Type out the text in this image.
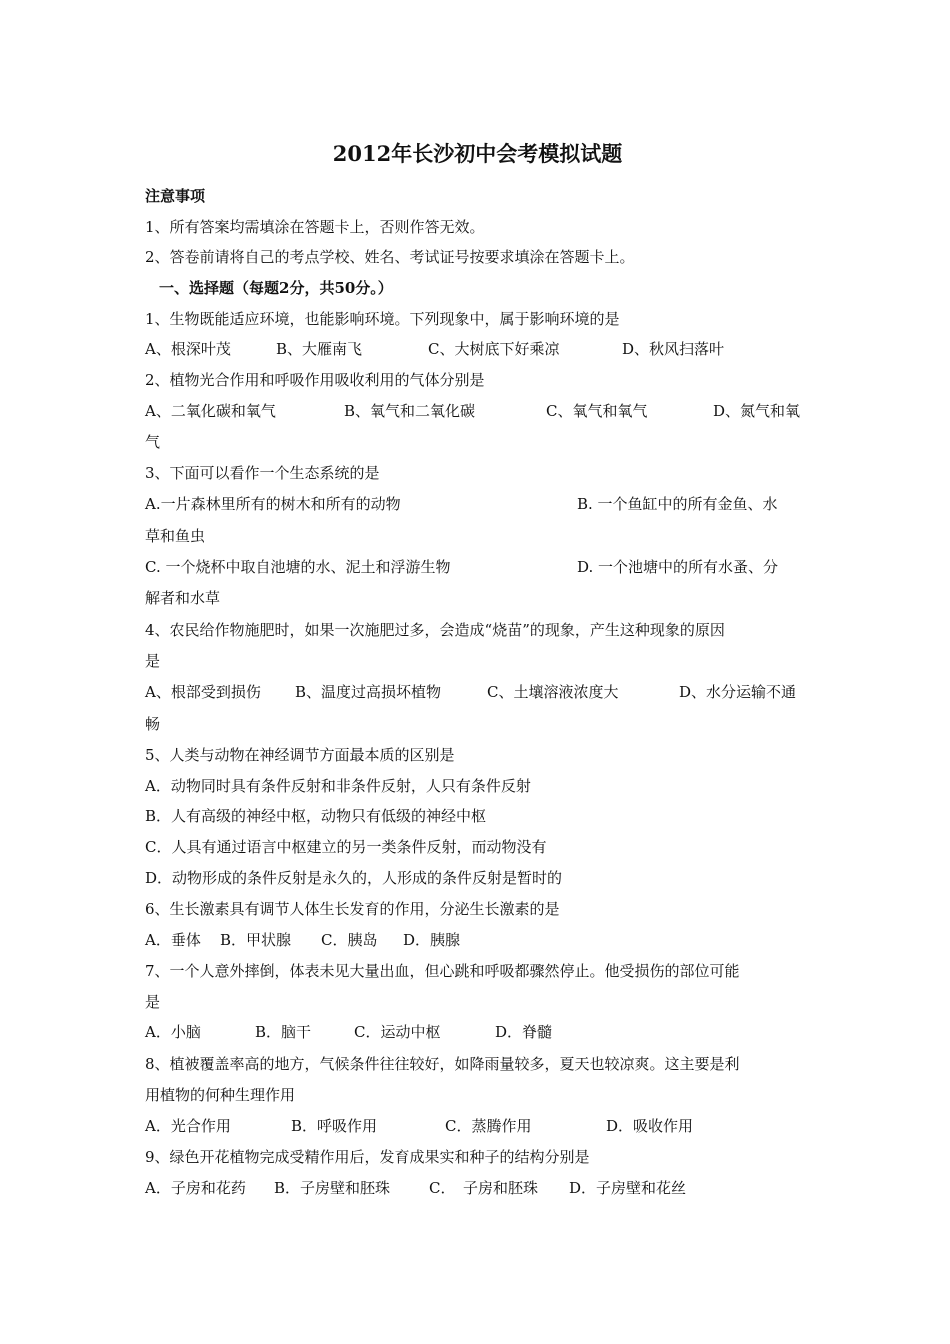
2012年长沙初中会考模拟试题
注意事项
1、所有答案均需填涂在答题卡上，否则作答无效。
2、答卷前请将自己的考点学校、姓名、考试证号按要求填涂在答题卡上。
一、选择题（每题2分，共50分。）
1、生物既能适应环境，也能影响环境。下列现象中，属于影响环境的是
A、根深叶茂	B、大雁南飞	C、大树底下好乘凉	D、秋风扫落叶
2、植物光合作用和呼吸作用吸收利用的气体分别是
A、二氧化碳和氧气	B、氧气和二氧化碳	C、氧气和氧气	D、氮气和氧
气
3、下面可以看作一个生态系统的是
A.一片森林里所有的树木和所有的动物	B. 一个鱼缸中的所有金鱼、水
草和鱼虫
C. 一个烧杯中取自池塘的水、泥土和浮游生物	D. 一个池塘中的所有水蚤、分
解者和水草
4、农民给作物施肥时，如果一次施肥过多，会造成“烧苗”的现象，产生这种现象的原因
是
A、根部受到损伤 B、温度过高损坏植物	C、土壤溶液浓度大	D、水分运输不通
畅
5、人类与动物在神经调节方面最本质的区别是
A．动物同时具有条件反射和非条件反射，人只有条件反射
B．人有高级的神经中枢，动物只有低级的神经中枢
C．人具有通过语言中枢建立的另一类条件反射，而动物没有
D．动物形成的条件反射是永久的，人形成的条件反射是暂时的
6、生长激素具有调节人体生长发育的作用，分泌生长激素的是
A．垂体 B．甲状腺 C．胰岛 D．胰腺
7、一个人意外摔倒，体表未见大量出血，但心跳和呼吸都骤然停止。他受损伤的部位可能
是
A．小脑	B．脑干	C．运动中枢	D．脊髓
8、植被覆盖率高的地方，气候条件往往较好，如降雨量较多，夏天也较凉爽。这主要是利
用植物的何种生理作用
A．光合作用	B．呼吸作用	C．蒸腾作用	D．吸收作用
9、绿色开花植物完成受精作用后，发育成果实和种子的结构分别是
A．子房和花药 B．子房壁和胚珠	C．　子房和胚珠 D．子房壁和花丝
